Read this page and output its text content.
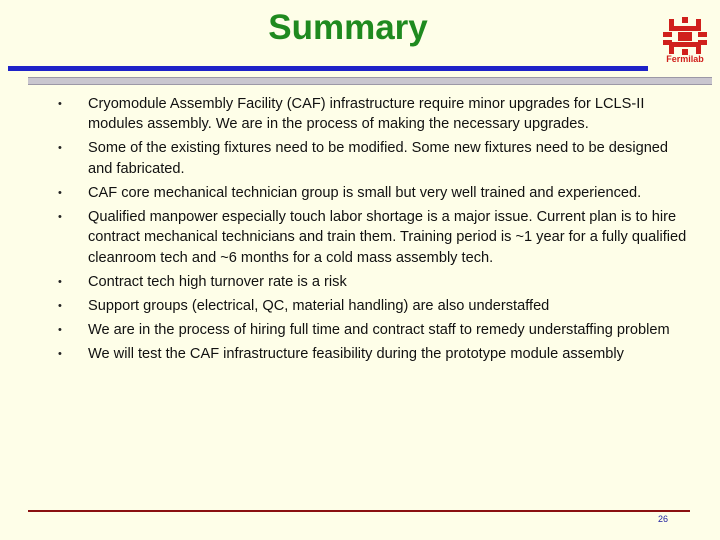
Summary
Fermilab
• Cryomodule Assembly Facility (CAF) infrastructure require minor upgrades for LCLS-II modules assembly. We are in the process of making the necessary upgrades.
• Some of the existing fixtures need to be modified. Some new fixtures need to be designed and fabricated.
• CAF core mechanical technician group is small but very well trained and experienced.
• Qualified manpower especially touch labor shortage is a major issue. Current plan is to hire contract mechanical technicians and train them. Training period is ~1 year for a fully qualified cleanroom tech and ~6 months for a cold mass assembly tech.
• Contract tech high turnover rate is a risk
• Support groups (electrical, QC, material handling) are also understaffed
• We are in the process of hiring full time and contract staff to remedy understaffing problem
• We will test the CAF infrastructure feasibility during the prototype module assembly
26
